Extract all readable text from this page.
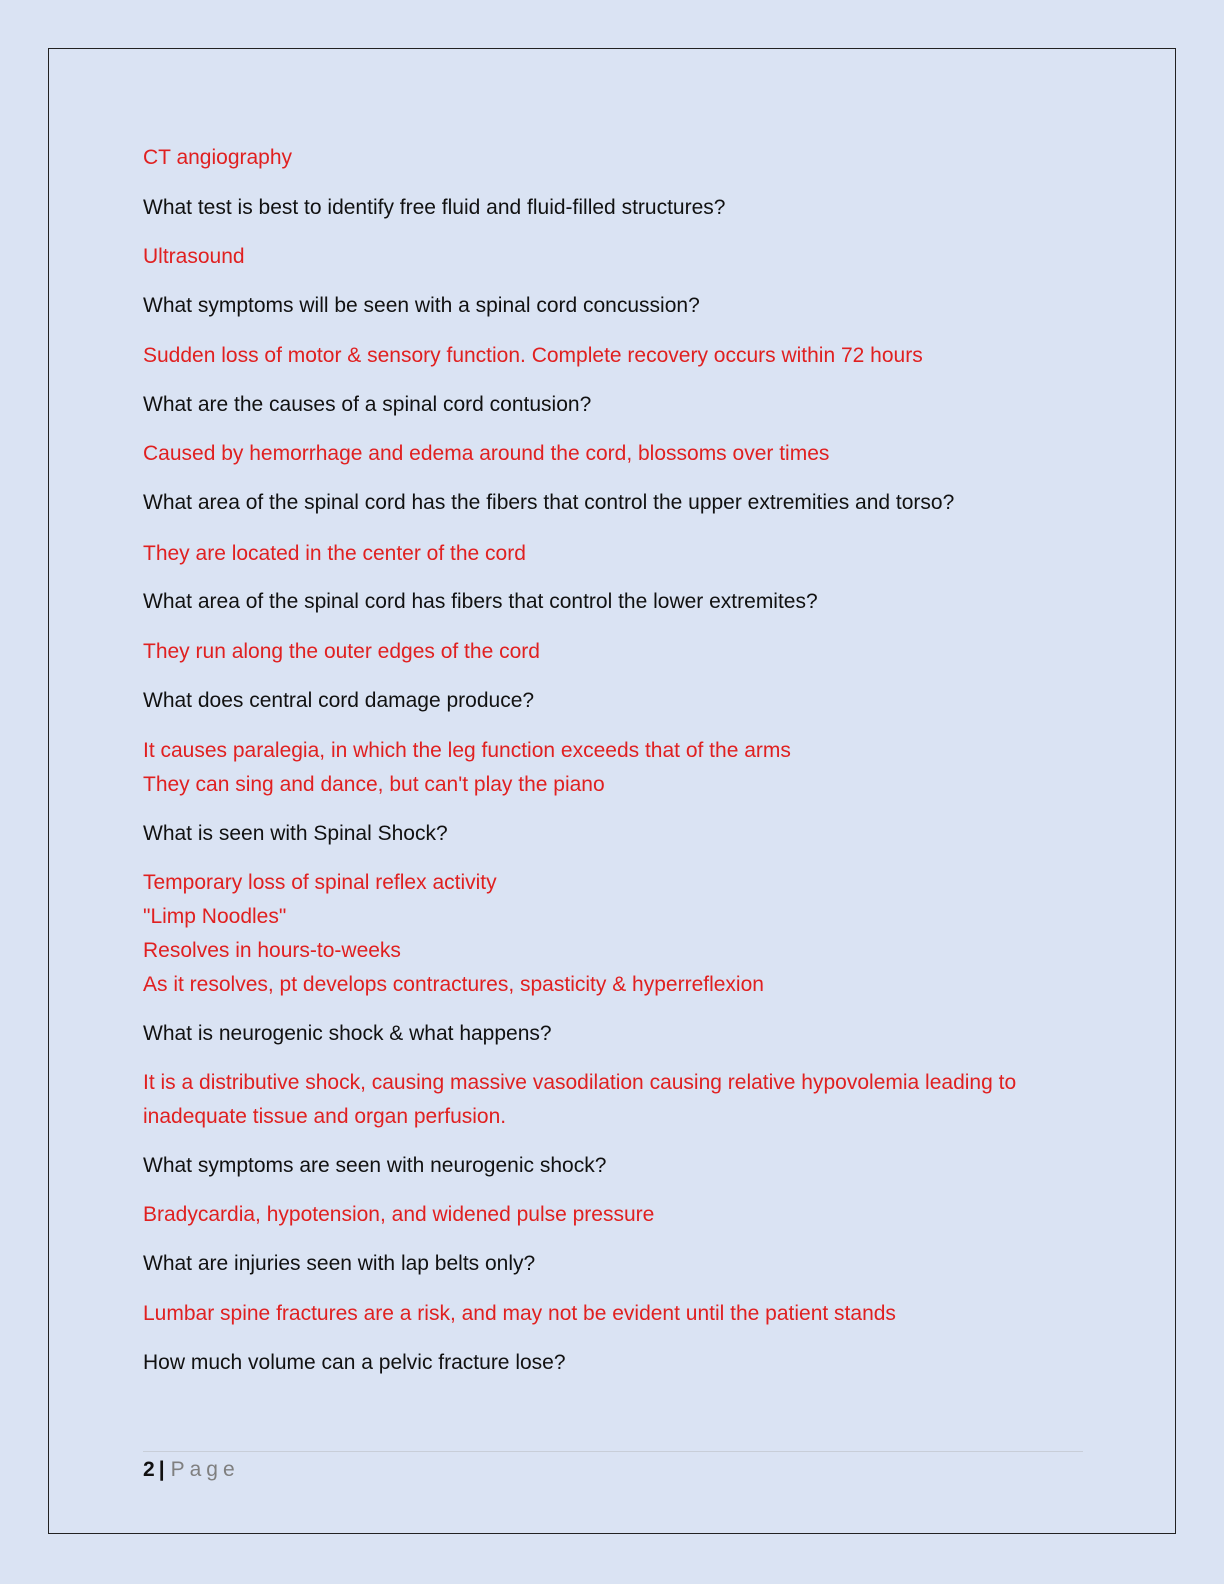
CT angiography
What test is best to identify free fluid and fluid-filled structures?
Ultrasound
What symptoms will be seen with a spinal cord concussion?
Sudden loss of motor & sensory function. Complete recovery occurs within 72 hours
What are the causes of a spinal cord contusion?
Caused by hemorrhage and edema around the cord, blossoms over times
What area of the spinal cord has the fibers that control the upper extremities and torso?
They are located in the center of the cord
What area of the spinal cord has fibers that control the lower extremites?
They run along the outer edges of the cord
What does central cord damage produce?
It causes paralegia, in which the leg function exceeds that of the arms
They can sing and dance, but can't play the piano
What is seen with Spinal Shock?
Temporary loss of spinal reflex activity
"Limp Noodles"
Resolves in hours-to-weeks
As it resolves, pt develops contractures, spasticity & hyperreflexion
What is neurogenic shock & what happens?
It is a distributive shock, causing massive vasodilation causing relative hypovolemia leading to
inadequate tissue and organ perfusion.
What symptoms are seen with neurogenic shock?
Bradycardia, hypotension, and widened pulse pressure
What are injuries seen with lap belts only?
Lumbar spine fractures are a risk, and may not be evident until the patient stands
How much volume can a pelvic fracture lose?
2 | Page
